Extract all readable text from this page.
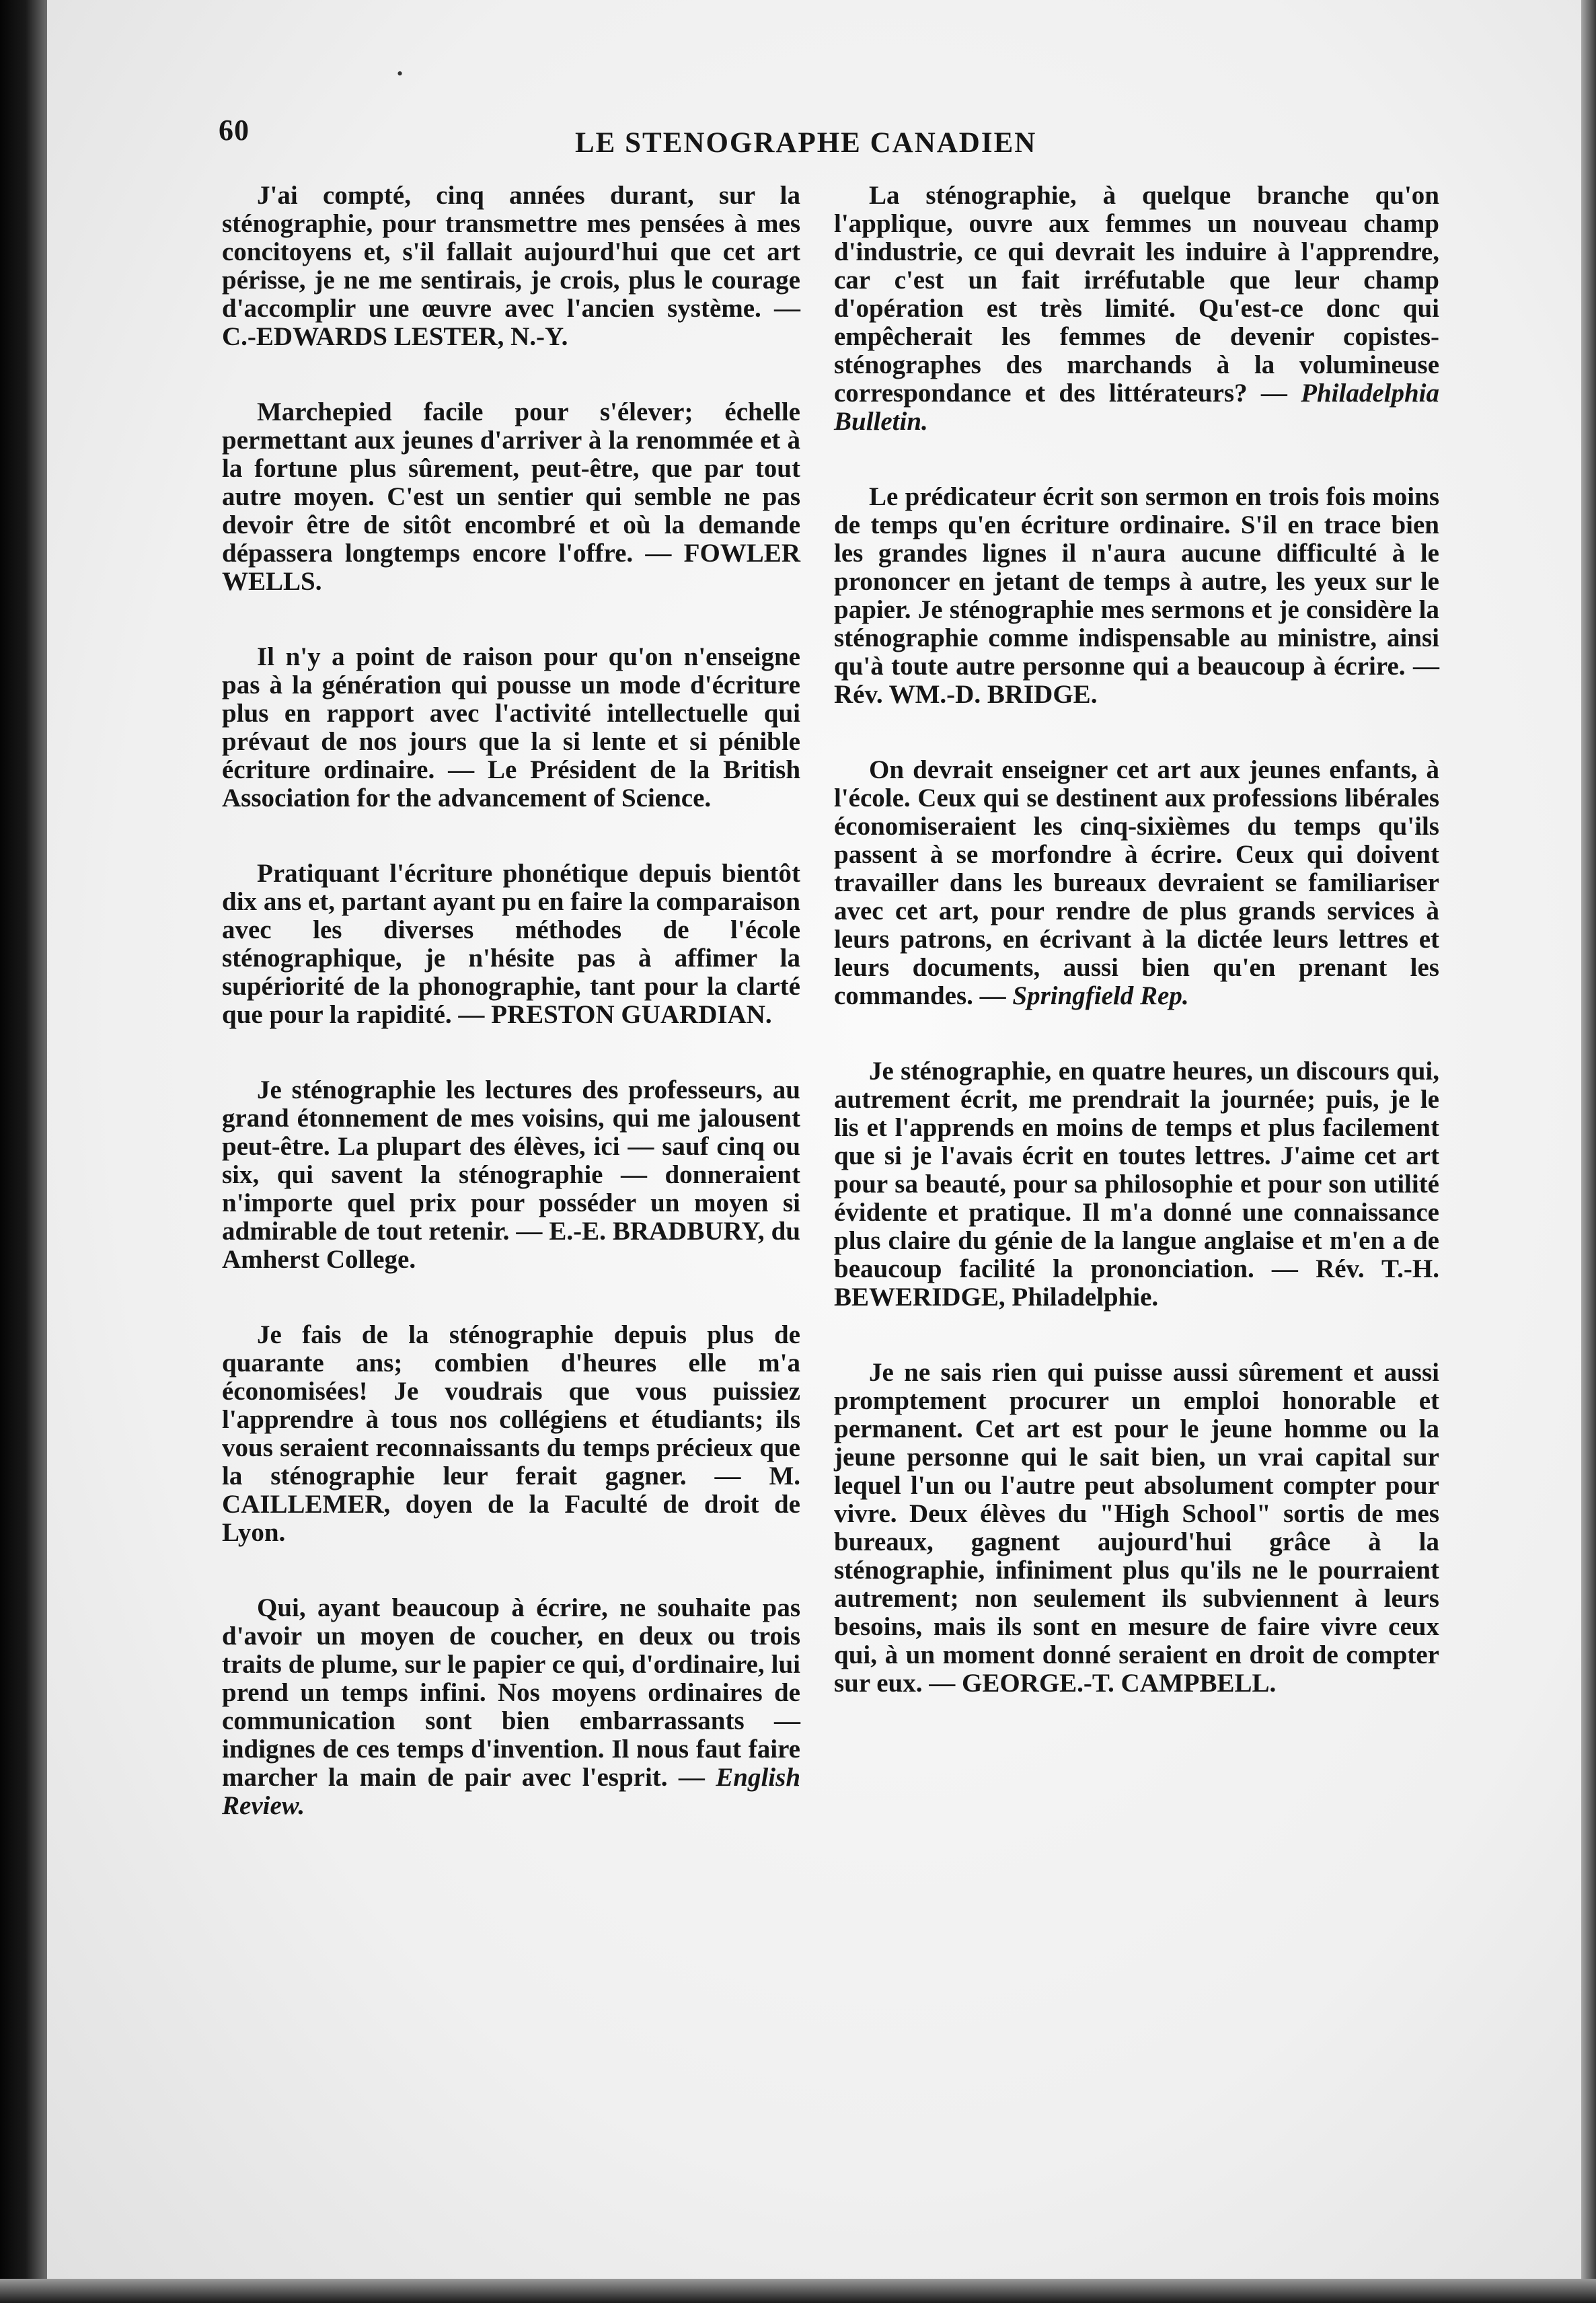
•
60	LE STENOGRAPHE CANADIEN

J'ai compté, cinq années durant, sur la sténographie, pour transmettre mes pensées à mes concitoyens et, s'il fallait aujourd'hui que cet art périsse, je ne me sentirais, je crois, plus le courage d'accomplir une œuvre avec l'ancien système. — C.-EDWARDS LESTER, N.-Y.

Marchepied facile pour s'élever; échelle permettant aux jeunes d'arriver à la renommée et à la fortune plus sûrement, peut-être, que par tout autre moyen. C'est un sentier qui semble ne pas devoir être de sitôt encombré et où la demande dépassera longtemps encore l'offre. — FOWLER WELLS.

Il n'y a point de raison pour qu'on n'enseigne pas à la génération qui pousse un mode d'écriture plus en rapport avec l'activité intellectuelle qui prévaut de nos jours que la si lente et si pénible écriture ordinaire. — Le Président de la British Association for the advancement of Science.

Pratiquant l'écriture phonétique depuis bientôt dix ans et, partant ayant pu en faire la comparaison avec les diverses méthodes de l'école sténographique, je n'hésite pas à affimer la supériorité de la phonographie, tant pour la clarté que pour la rapidité. — PRESTON GUARDIAN.

Je sténographie les lectures des professeurs, au grand étonnement de mes voisins, qui me jalousent peut-être. La plupart des élèves, ici — sauf cinq ou six, qui savent la sténographie — donneraient n'importe quel prix pour posséder un moyen si admirable de tout retenir. — E.-E. BRADBURY, du Amherst College.

Je fais de la sténographie depuis plus de quarante ans; combien d'heures elle m'a économisées! Je voudrais que vous puissiez l'apprendre à tous nos collégiens et étudiants; ils vous seraient reconnaissants du temps précieux que la sténographie leur ferait gagner. — M. CAILLEMER, doyen de la Faculté de droit de Lyon.

Qui, ayant beaucoup à écrire, ne souhaite pas d'avoir un moyen de coucher, en deux ou trois traits de plume, sur le papier ce qui, d'ordinaire, lui prend un temps infini. Nos moyens ordinaires de communication sont bien embarrassants — indignes de ces temps d'invention. Il nous faut faire marcher la main de pair avec l'esprit. — English Review.

La sténographie, à quelque branche qu'on l'applique, ouvre aux femmes un nouveau champ d'industrie, ce qui devrait les induire à l'apprendre, car c'est un fait irréfutable que leur champ d'opération est très limité. Qu'est-ce donc qui empêcherait les femmes de devenir copistes-sténographes des marchands à la volumineuse correspondance et des littérateurs? — Philadelphia Bulletin.

Le prédicateur écrit son sermon en trois fois moins de temps qu'en écriture ordinaire. S'il en trace bien les grandes lignes il n'aura aucune difficulté à le prononcer en jetant de temps à autre, les yeux sur le papier. Je sténographie mes sermons et je considère la sténographie comme indispensable au ministre, ainsi qu'à toute autre personne qui a beaucoup à écrire. — Rév. WM.-D. BRIDGE.

On devrait enseigner cet art aux jeunes enfants, à l'école. Ceux qui se destinent aux professions libérales économiseraient les cinq-sixièmes du temps qu'ils passent à se morfondre à écrire. Ceux qui doivent travailler dans les bureaux devraient se familiariser avec cet art, pour rendre de plus grands services à leurs patrons, en écrivant à la dictée leurs lettres et leurs documents, aussi bien qu'en prenant les commandes. — Springfield Rep.

Je sténographie, en quatre heures, un discours qui, autrement écrit, me prendrait la journée; puis, je le lis et l'apprends en moins de temps et plus facilement que si je l'avais écrit en toutes lettres. J'aime cet art pour sa beauté, pour sa philosophie et pour son utilité évidente et pratique. Il m'a donné une connaissance plus claire du génie de la langue anglaise et m'en a de beaucoup facilité la prononciation. — Rév. T.-H. BEWERIDGE, Philadelphie.

Je ne sais rien qui puisse aussi sûrement et aussi promptement procurer un emploi honorable et permanent. Cet art est pour le jeune homme ou la jeune personne qui le sait bien, un vrai capital sur lequel l'un ou l'autre peut absolument compter pour vivre. Deux élèves du "High School" sortis de mes bureaux, gagnent aujourd'hui grâce à la sténographie, infiniment plus qu'ils ne le pourraient autrement; non seulement ils subviennent à leurs besoins, mais ils sont en mesure de faire vivre ceux qui, à un moment donné seraient en droit de compter sur eux. — GEORGE.-T. CAMPBELL.
